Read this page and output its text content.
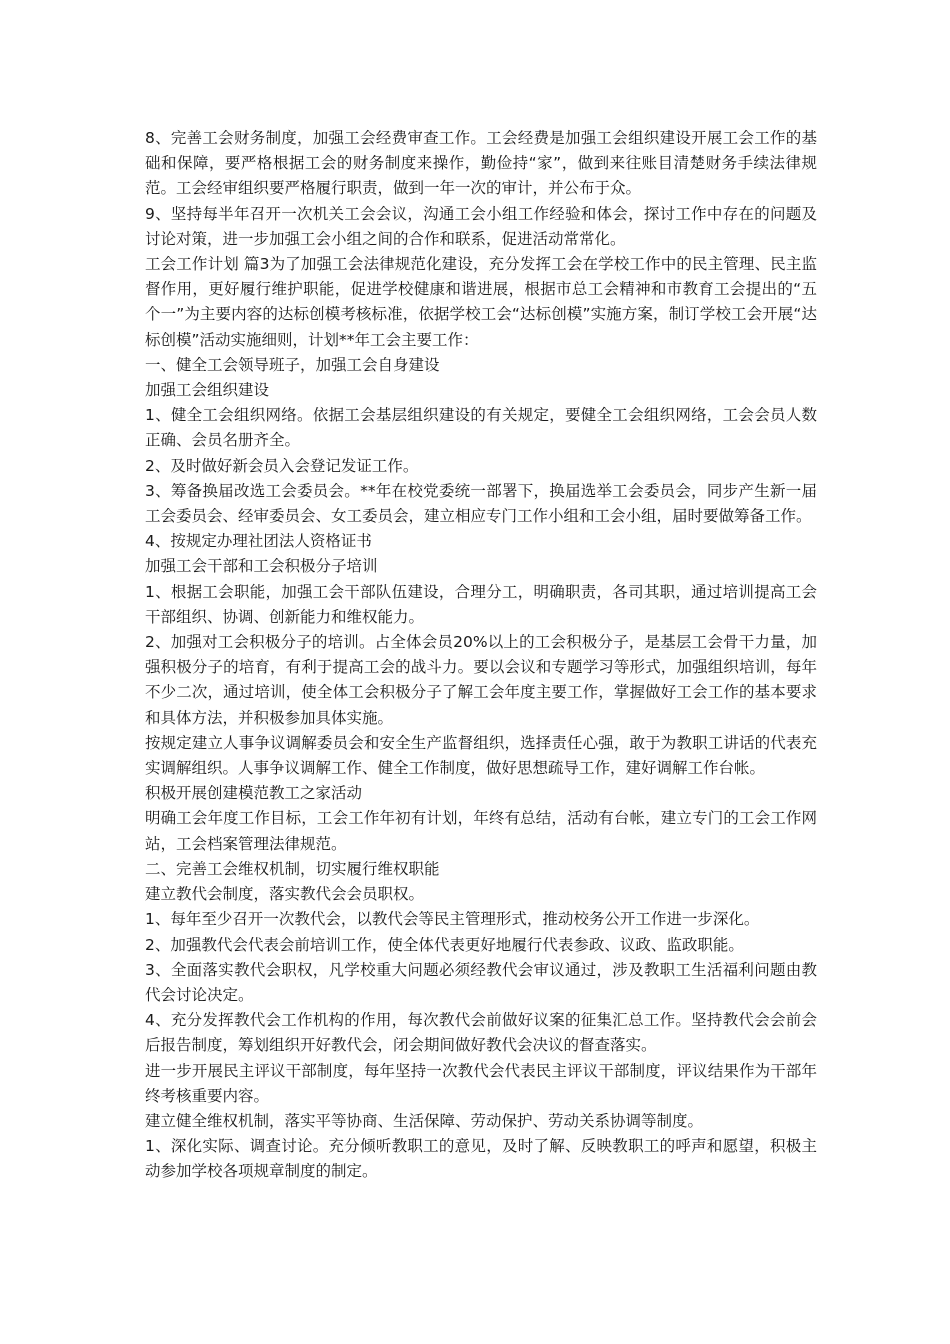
8、完善工会财务制度，加强工会经费审查工作。工会经费是加强工会组织建设开展工会工作的基础和保障，要严格根据工会的财务制度来操作，勤俭持“家”，做到来往账目清楚财务手续法律规范。工会经审组织要严格履行职责，做到一年一次的审计，并公布于众。

9、坚持每半年召开一次机关工会会议，沟通工会小组工作经验和体会，探讨工作中存在的问题及讨论对策，进一步加强工会小组之间的合作和联系，促进活动常常化。

工会工作计划 篇3为了加强工会法律规范化建设，充分发挥工会在学校工作中的民主管理、民主监督作用，更好履行维护职能，促进学校健康和谐进展，根据市总工会精神和市教育工会提出的“五个一”为主要内容的达标创模考核标准，依据学校工会“达标创模”实施方案，制订学校工会开展“达标创模”活动实施细则，计划**年工会主要工作：

一、健全工会领导班子，加强工会自身建设

加强工会组织建设

1、健全工会组织网络。依据工会基层组织建设的有关规定，要健全工会组织网络，工会会员人数正确、会员名册齐全。

2、及时做好新会员入会登记发证工作。

3、筹备换届改选工会委员会。**年在校党委统一部署下，换届选举工会委员会，同步产生新一届工会委员会、经审委员会、女工委员会，建立相应专门工作小组和工会小组，届时要做筹备工作。

4、按规定办理社团法人资格证书

加强工会干部和工会积极分子培训

1、根据工会职能，加强工会干部队伍建设，合理分工，明确职责，各司其职，通过培训提高工会干部组织、协调、创新能力和维权能力。

2、加强对工会积极分子的培训。占全体会员20%以上的工会积极分子，是基层工会骨干力量，加强积极分子的培育，有利于提高工会的战斗力。要以会议和专题学习等形式，加强组织培训，每年不少二次，通过培训，使全体工会积极分子了解工会年度主要工作，掌握做好工会工作的基本要求和具体方法，并积极参加具体实施。

按规定建立人事争议调解委员会和安全生产监督组织，选择责任心强，敢于为教职工讲话的代表充实调解组织。人事争议调解工作、健全工作制度，做好思想疏导工作，建好调解工作台帐。

积极开展创建模范教工之家活动

明确工会年度工作目标，工会工作年初有计划，年终有总结，活动有台帐，建立专门的工会工作网站，工会档案管理法律规范。

二、完善工会维权机制，切实履行维权职能

建立教代会制度，落实教代会会员职权。

1、每年至少召开一次教代会，以教代会等民主管理形式，推动校务公开工作进一步深化。

2、加强教代会代表会前培训工作，使全体代表更好地履行代表参政、议政、监政职能。

3、全面落实教代会职权，凡学校重大问题必须经教代会审议通过，涉及教职工生活福利问题由教代会讨论决定。

4、充分发挥教代会工作机构的作用，每次教代会前做好议案的征集汇总工作。坚持教代会会前会后报告制度，筹划组织开好教代会，闭会期间做好教代会决议的督查落实。

进一步开展民主评议干部制度，每年坚持一次教代会代表民主评议干部制度，评议结果作为干部年终考核重要内容。

建立健全维权机制，落实平等协商、生活保障、劳动保护、劳动关系协调等制度。

1、深化实际、调查讨论。充分倾听教职工的意见，及时了解、反映教职工的呼声和愿望，积极主动参加学校各项规章制度的制定。
